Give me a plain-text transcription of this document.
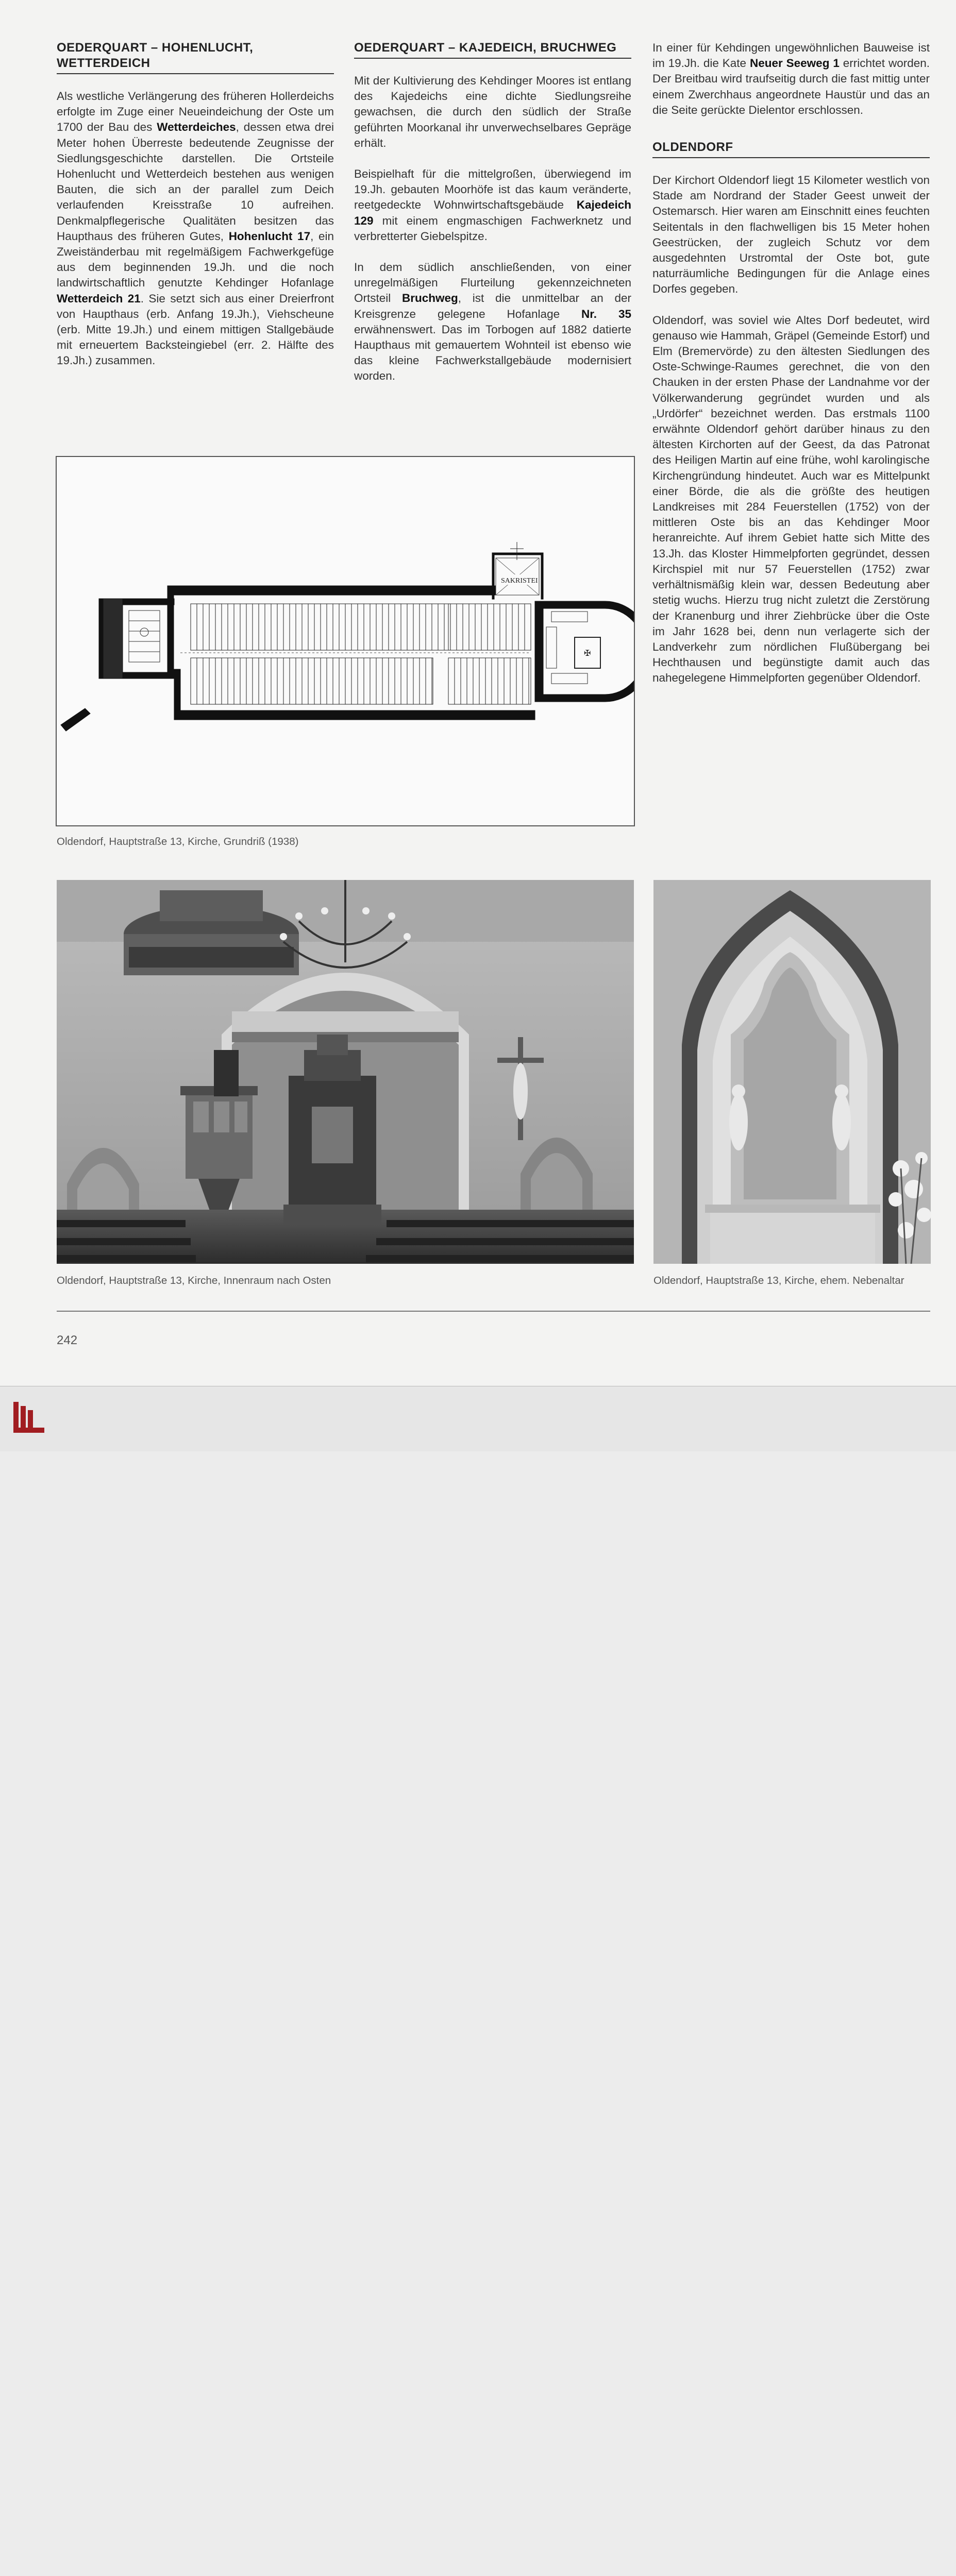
OEDERQUART – HOHENLUCHT, WETTERDEICH

Als westliche Verlängerung des früheren Hollerdeichs erfolgte im Zuge einer Neueindeichung der Oste um 1700 der Bau des Wetterdeiches, dessen etwa drei Meter hohen Überreste bedeutende Zeugnisse der Siedlungsgeschichte darstellen. Die Ortsteile Hohenlucht und Wetterdeich bestehen aus wenigen Bauten, die sich an der parallel zum Deich verlaufenden Kreisstraße 10 aufreihen. Denkmalpflegerische Qualitäten besitzen das Haupthaus des früheren Gutes, Hohenlucht 17, ein Zweiständerbau mit regelmäßigem Fachwerkgefüge aus dem beginnenden 19.Jh. und die noch landwirtschaftlich genutzte Kehdinger Hofanlage Wetterdeich 21. Sie setzt sich aus einer Dreierfront von Haupthaus (erb. Anfang 19.Jh.), Viehscheune (erb. Mitte 19.Jh.) und einem mittigen Stallgebäude mit erneuertem Backsteingiebel (err. 2. Hälfte des 19.Jh.) zusammen.

OEDERQUART – KAJEDEICH, BRUCHWEG

Mit der Kultivierung des Kehdinger Moores ist entlang des Kajedeichs eine dichte Siedlungsreihe gewachsen, die durch den südlich der Straße geführten Moorkanal ihr unverwechselbares Gepräge erhält.

Beispielhaft für die mittelgroßen, überwiegend im 19.Jh. gebauten Moorhöfe ist das kaum veränderte, reetgedeckte Wohnwirtschaftsgebäude Kajedeich 129 mit einem engmaschigen Fachwerknetz und verbretterter Giebelspitze.

In dem südlich anschließenden, von einer unregelmäßigen Flurteilung gekennzeichneten Ortsteil Bruchweg, ist die unmittelbar an der Kreisgrenze gelegene Hofanlage Nr. 35 erwähnenswert. Das im Torbogen auf 1882 datierte Haupthaus mit gemauertem Wohnteil ist ebenso wie das kleine Fachwerkstallgebäude modernisiert worden.

In einer für Kehdingen ungewöhnlichen Bauweise ist im 19.Jh. die Kate Neuer Seeweg 1 errichtet worden. Der Breitbau wird traufseitig durch die fast mittig unter einem Zwerchhaus angeordnete Haustür und das an die Seite gerückte Dielentor erschlossen.

OLDENDORF

Der Kirchort Oldendorf liegt 15 Kilometer westlich von Stade am Nordrand der Stader Geest unweit der Ostemarsch. Hier waren am Einschnitt eines feuchten Seitentals in den flachwelligen bis 15 Meter hohen Geestrücken, der zugleich Schutz vor dem ausgedehnten Urstromtal der Oste bot, gute naturräumliche Bedingungen für die Anlage eines Dorfes gegeben.

Oldendorf, was soviel wie Altes Dorf bedeutet, wird genauso wie Hammah, Gräpel (Gemeinde Estorf) und Elm (Bremervörde) zu den ältesten Siedlungen des Oste-Schwinge-Raumes gerechnet, die von den Chauken in der ersten Phase der Landnahme vor der Völkerwanderung gegründet wurden und als „Urdörfer“ bezeichnet werden. Das erstmals 1100 erwähnte Oldendorf gehört darüber hinaus zu den ältesten Kirchorten auf der Geest, da das Patronat des Heiligen Martin auf eine frühe, wohl karolingische Kirchengründung hindeutet. Auch war es Mittelpunkt einer Börde, die als die größte des heutigen Landkreises mit 284 Feuerstellen (1752) von der mittleren Oste bis an das Kehdinger Moor heranreichte. Auf ihrem Gebiet hatte sich Mitte des 13.Jh. das Kloster Himmelpforten gegründet, dessen Kirchspiel mit nur 57 Feuerstellen (1752) zwar verhältnismäßig klein war, dessen Bedeutung aber stetig wuchs. Hierzu trug nicht zuletzt die Zerstörung der Kranenburg und ihrer Ziehbrücke über die Oste im Jahr 1628 bei, denn nun verlagerte sich der Landverkehr zum nördlichen Flußübergang bei Hechthausen und begünstigte damit auch das nahegelegene Himmelpforten gegenüber Oldendorf.

SAKRISTEI
✠
Oldendorf, Hauptstraße 13, Kirche, Grundriß (1938)
Oldendorf, Hauptstraße 13, Kirche, Innenraum nach Osten	Oldendorf, Hauptstraße 13, Kirche, ehem. Nebenaltar
242
